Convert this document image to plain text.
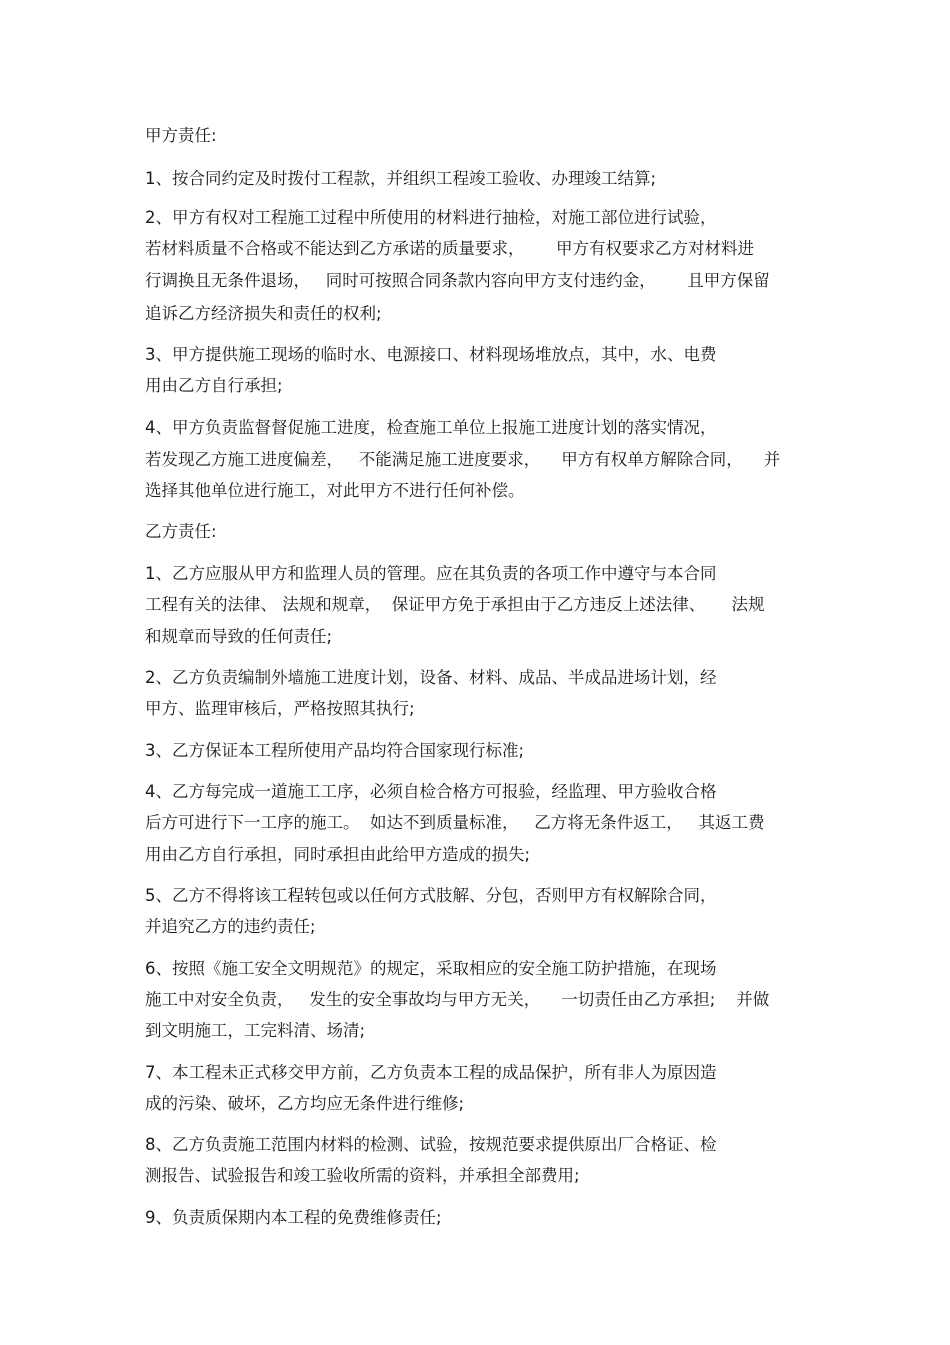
甲方责任:
1、按合同约定及时拨付工程款，并组织工程竣工验收、办理竣工结算;
2、甲方有权对工程施工过程中所使用的材料进行抽检，对施工部位进行试验，
若材料质量不合格或不能达到乙方承诺的质量要求，      甲方有权要求乙方对材料进
行调换且无条件退场，   同时可按照合同条款内容向甲方支付违约金，      且甲方保留
追诉乙方经济损失和责任的权利;
3、甲方提供施工现场的临时水、电源接口、材料现场堆放点，其中，水、电费
用由乙方自行承担;
4、甲方负责监督督促施工进度，检查施工单位上报施工进度计划的落实情况，
若发现乙方施工进度偏差，   不能满足施工进度要求，    甲方有权单方解除合同，    并
选择其他单位进行施工，对此甲方不进行任何补偿。
乙方责任:
1、乙方应服从甲方和监理人员的管理。应在其负责的各项工作中遵守与本合同
工程有关的法律、 法规和规章，  保证甲方免于承担由于乙方违反上述法律、     法规
和规章而导致的任何责任;
2、乙方负责编制外墙施工进度计划，设备、材料、成品、半成品进场计划，经
甲方、监理审核后，严格按照其执行;
3、乙方保证本工程所使用产品均符合国家现行标准;
4、乙方每完成一道施工工序，必须自检合格方可报验，经监理、甲方验收合格
后方可进行下一工序的施工。  如达不到质量标准，   乙方将无条件返工，   其返工费
用由乙方自行承担，同时承担由此给甲方造成的损失;
5、乙方不得将该工程转包或以任何方式肢解、分包，否则甲方有权解除合同，
并追究乙方的违约责任;
6、按照《施工安全文明规范》的规定，采取相应的安全施工防护措施，在现场
施工中对安全负责，   发生的安全事故均与甲方无关，    一切责任由乙方承担;    并做
到文明施工，工完料清、场清;
7、本工程未正式移交甲方前，乙方负责本工程的成品保护，所有非人为原因造
成的污染、破坏，乙方均应无条件进行维修;
8、乙方负责施工范围内材料的检测、试验，按规范要求提供原出厂合格证、检
测报告、试验报告和竣工验收所需的资料，并承担全部费用;
9、负责质保期内本工程的免费维修责任;
